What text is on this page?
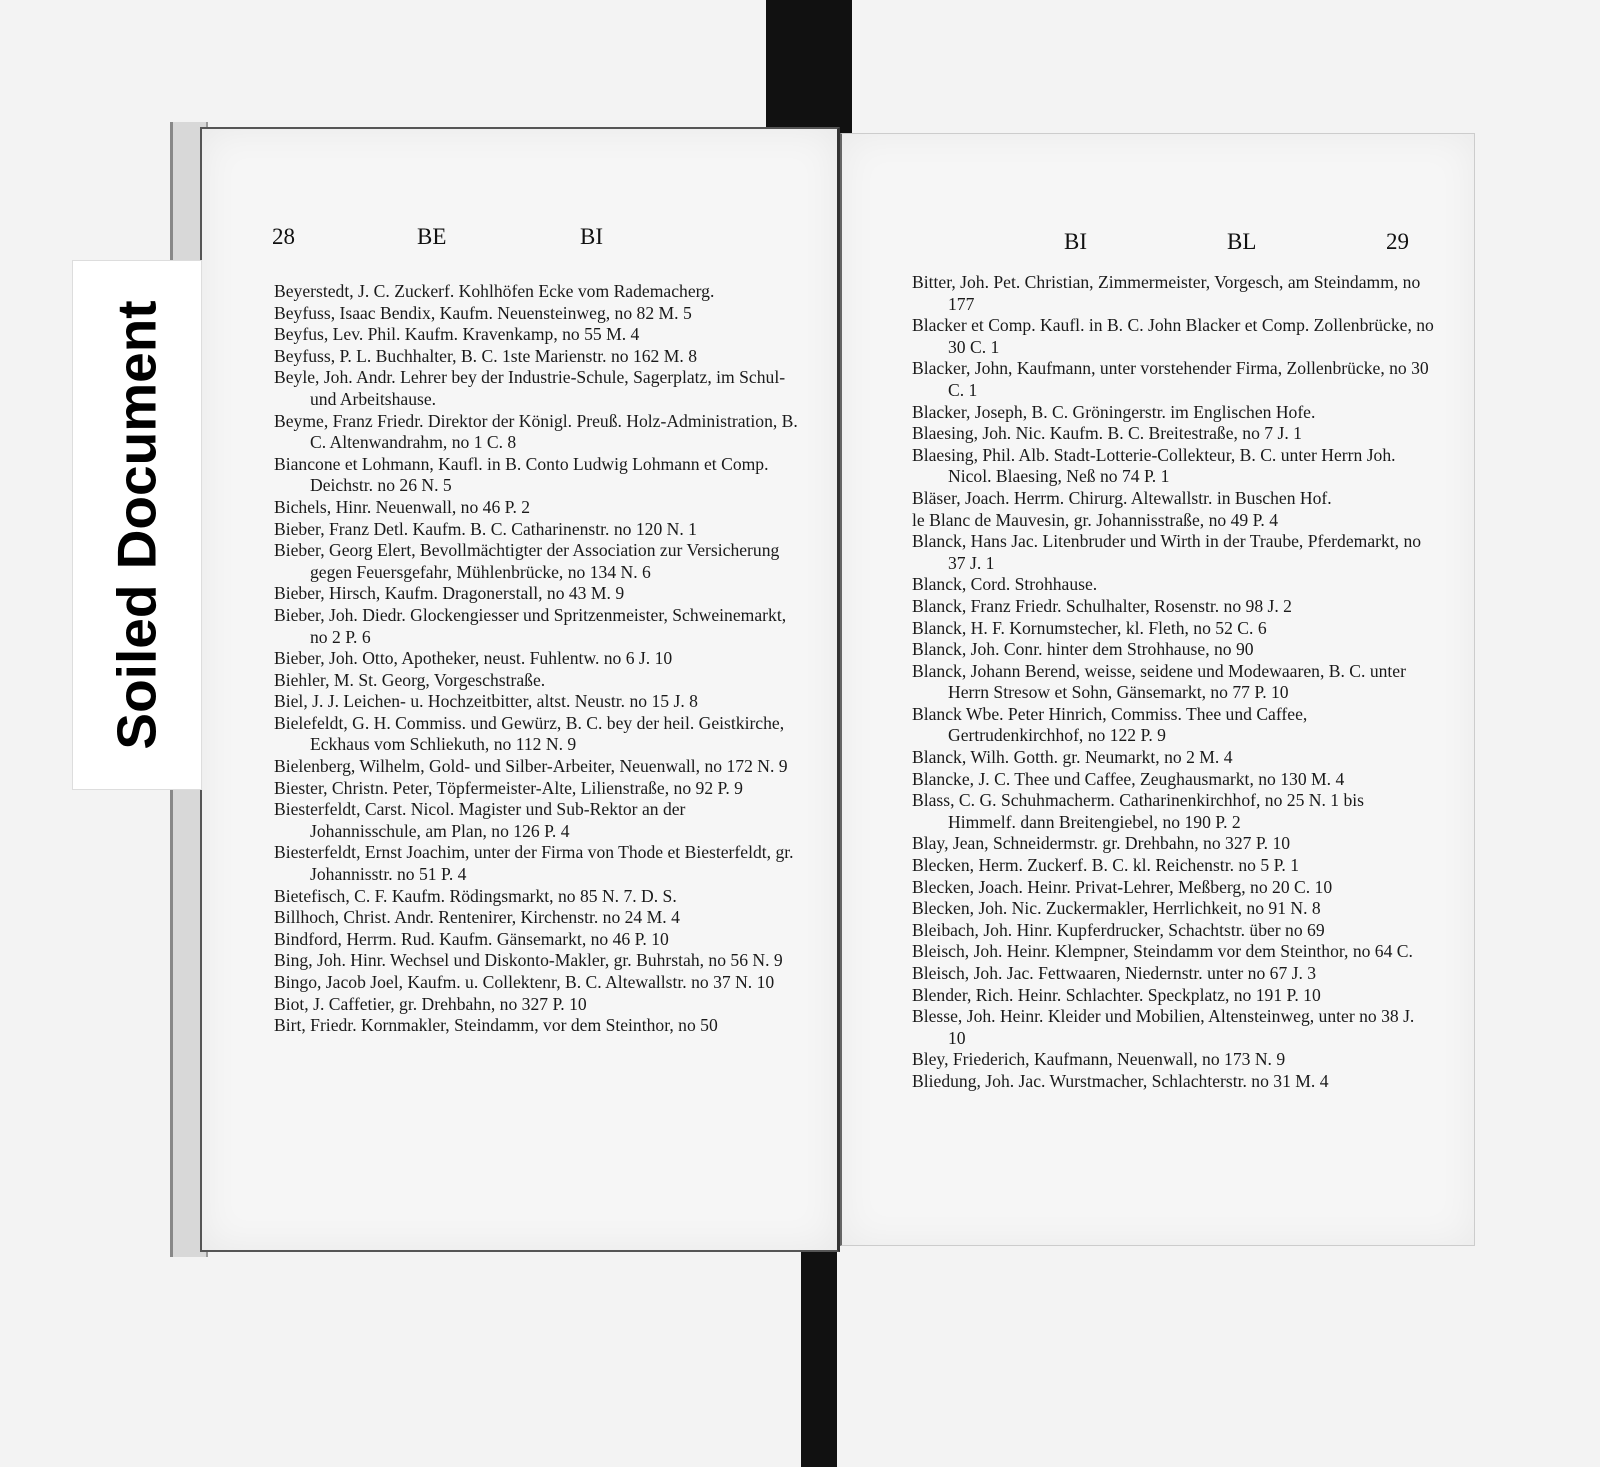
28	BE	BI

Beyerstedt, J. C. Zuckerf. Kohlhöfen Ecke vom Rademacherg.

Beyfuss, Isaac Bendix, Kaufm. Neuensteinweg, no 82 M. 5

Beyfus, Lev. Phil. Kaufm. Kravenkamp, no 55 M. 4

Beyfuss, P. L. Buchhalter, B. C. 1ste Marienstr. no 162 M. 8

Beyle, Joh. Andr. Lehrer bey der Industrie-Schule, Sagerplatz, im Schul- und Arbeitshause.

Beyme, Franz Friedr. Direktor der Königl. Preuß. Holz-Administration, B. C. Altenwandrahm, no 1 C. 8

Biancone et Lohmann, Kaufl. in B. Conto Ludwig Lohmann et Comp. Deichstr. no 26 N. 5

Bichels, Hinr. Neuenwall, no 46 P. 2

Bieber, Franz Detl. Kaufm. B. C. Catharinenstr. no 120 N. 1

Bieber, Georg Elert, Bevollmächtigter der Association zur Versicherung gegen Feuersgefahr, Mühlenbrücke, no 134 N. 6

Bieber, Hirsch, Kaufm. Dragonerstall, no 43 M. 9

Bieber, Joh. Diedr. Glockengiesser und Spritzenmeister, Schweinemarkt, no 2 P. 6

Bieber, Joh. Otto, Apotheker, neust. Fuhlentw. no 6 J. 10

Biehler, M. St. Georg, Vorgeschstraße.

Biel, J. J. Leichen- u. Hochzeitbitter, altst. Neustr. no 15 J. 8

Bielefeldt, G. H. Commiss. und Gewürz, B. C. bey der heil. Geistkirche, Eckhaus vom Schliekuth, no 112 N. 9

Bielenberg, Wilhelm, Gold- und Silber-Arbeiter, Neuenwall, no 172 N. 9

Biester, Christn. Peter, Töpfermeister-Alte, Lilienstraße, no 92 P. 9

Biesterfeldt, Carst. Nicol. Magister und Sub-Rektor an der Johannisschule, am Plan, no 126 P. 4

Biesterfeldt, Ernst Joachim, unter der Firma von Thode et Biesterfeldt, gr. Johannisstr. no 51 P. 4

Bietefisch, C. F. Kaufm. Rödingsmarkt, no 85 N. 7. D. S.

Billhoch, Christ. Andr. Rentenirer, Kirchenstr. no 24 M. 4

Bindford, Herrm. Rud. Kaufm. Gänsemarkt, no 46 P. 10

Bing, Joh. Hinr. Wechsel und Diskonto-Makler, gr. Buhrstah, no 56 N. 9

Bingo, Jacob Joel, Kaufm. u. Collektenr, B. C. Altewallstr. no 37 N. 10

Biot, J. Caffetier, gr. Drehbahn, no 327 P. 10

Birt, Friedr. Kornmakler, Steindamm, vor dem Steinthor, no 50

BI	BL	29

Bitter, Joh. Pet. Christian, Zimmermeister, Vorgesch, am Steindamm, no 177

Blacker et Comp. Kaufl. in B. C. John Blacker et Comp. Zollenbrücke, no 30 C. 1

Blacker, John, Kaufmann, unter vorstehender Firma, Zollenbrücke, no 30 C. 1

Blacker, Joseph, B. C. Gröningerstr. im Englischen Hofe.

Blaesing, Joh. Nic. Kaufm. B. C. Breitestraße, no 7 J. 1

Blaesing, Phil. Alb. Stadt-Lotterie-Collekteur, B. C. unter Herrn Joh. Nicol. Blaesing, Neß no 74 P. 1

Bläser, Joach. Herrm. Chirurg. Altewallstr. in Buschen Hof.

le Blanc de Mauvesin, gr. Johannisstraße, no 49 P. 4

Blanck, Hans Jac. Litenbruder und Wirth in der Traube, Pferdemarkt, no 37 J. 1

Blanck, Cord. Strohhause.

Blanck, Franz Friedr. Schulhalter, Rosenstr. no 98 J. 2

Blanck, H. F. Kornumstecher, kl. Fleth, no 52 C. 6

Blanck, Joh. Conr. hinter dem Strohhause, no 90

Blanck, Johann Berend, weisse, seidene und Modewaaren, B. C. unter Herrn Stresow et Sohn, Gänsemarkt, no 77 P. 10

Blanck Wbe. Peter Hinrich, Commiss. Thee und Caffee, Gertrudenkirchhof, no 122 P. 9

Blanck, Wilh. Gotth. gr. Neumarkt, no 2 M. 4

Blancke, J. C. Thee und Caffee, Zeughausmarkt, no 130 M. 4

Blass, C. G. Schuhmacherm. Catharinenkirchhof, no 25 N. 1 bis Himmelf. dann Breitengiebel, no 190 P. 2

Blay, Jean, Schneidermstr. gr. Drehbahn, no 327 P. 10

Blecken, Herm. Zuckerf. B. C. kl. Reichenstr. no 5 P. 1

Blecken, Joach. Heinr. Privat-Lehrer, Meßberg, no 20 C. 10

Blecken, Joh. Nic. Zuckermakler, Herrlichkeit, no 91 N. 8

Bleibach, Joh. Hinr. Kupferdrucker, Schachtstr. über no 69

Bleisch, Joh. Heinr. Klempner, Steindamm vor dem Steinthor, no 64 C.

Bleisch, Joh. Jac. Fettwaaren, Niedernstr. unter no 67 J. 3

Blender, Rich. Heinr. Schlachter. Speckplatz, no 191 P. 10

Blesse, Joh. Heinr. Kleider und Mobilien, Altensteinweg, unter no 38 J. 10

Bley, Friederich, Kaufmann, Neuenwall, no 173 N. 9

Bliedung, Joh. Jac. Wurstmacher, Schlachterstr. no 31 M. 4

Soiled Document
